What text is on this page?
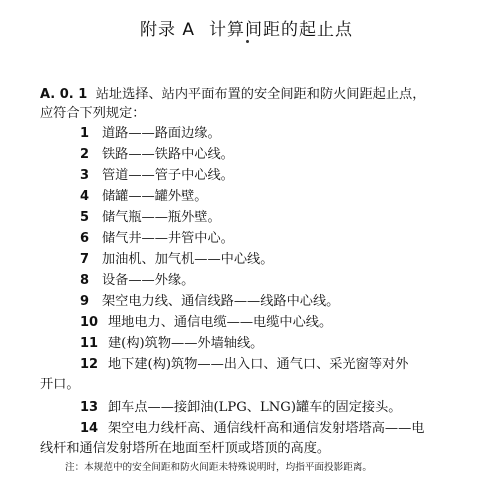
附录 A 计算间距的起止点
A. 0. 1 站址选择、站内平面布置的安全间距和防火间距起止点，
应符合下列规定：
1 道路——路面边缘。
2 铁路——铁路中心线。
3 管道——管子中心线。
4 储罐——罐外壁。
5 储气瓶——瓶外壁。
6 储气井——井管中心。
7 加油机、加气机——中心线。
8 设备——外缘。
9 架空电力线、通信线路——线路中心线。
10 埋地电力、通信电缆——电缆中心线。
11 建(构)筑物——外墙轴线。
12 地下建(构)筑物——出入口、通气口、采光窗等对外
开口。
13 卸车点——接卸油(LPG、LNG)罐车的固定接头。
14 架空电力线杆高、通信线杆高和通信发射塔塔高——电
线杆和通信发射塔所在地面至杆顶或塔顶的高度。
注：本规范中的安全间距和防火间距未特殊说明时，均指平面投影距离。
